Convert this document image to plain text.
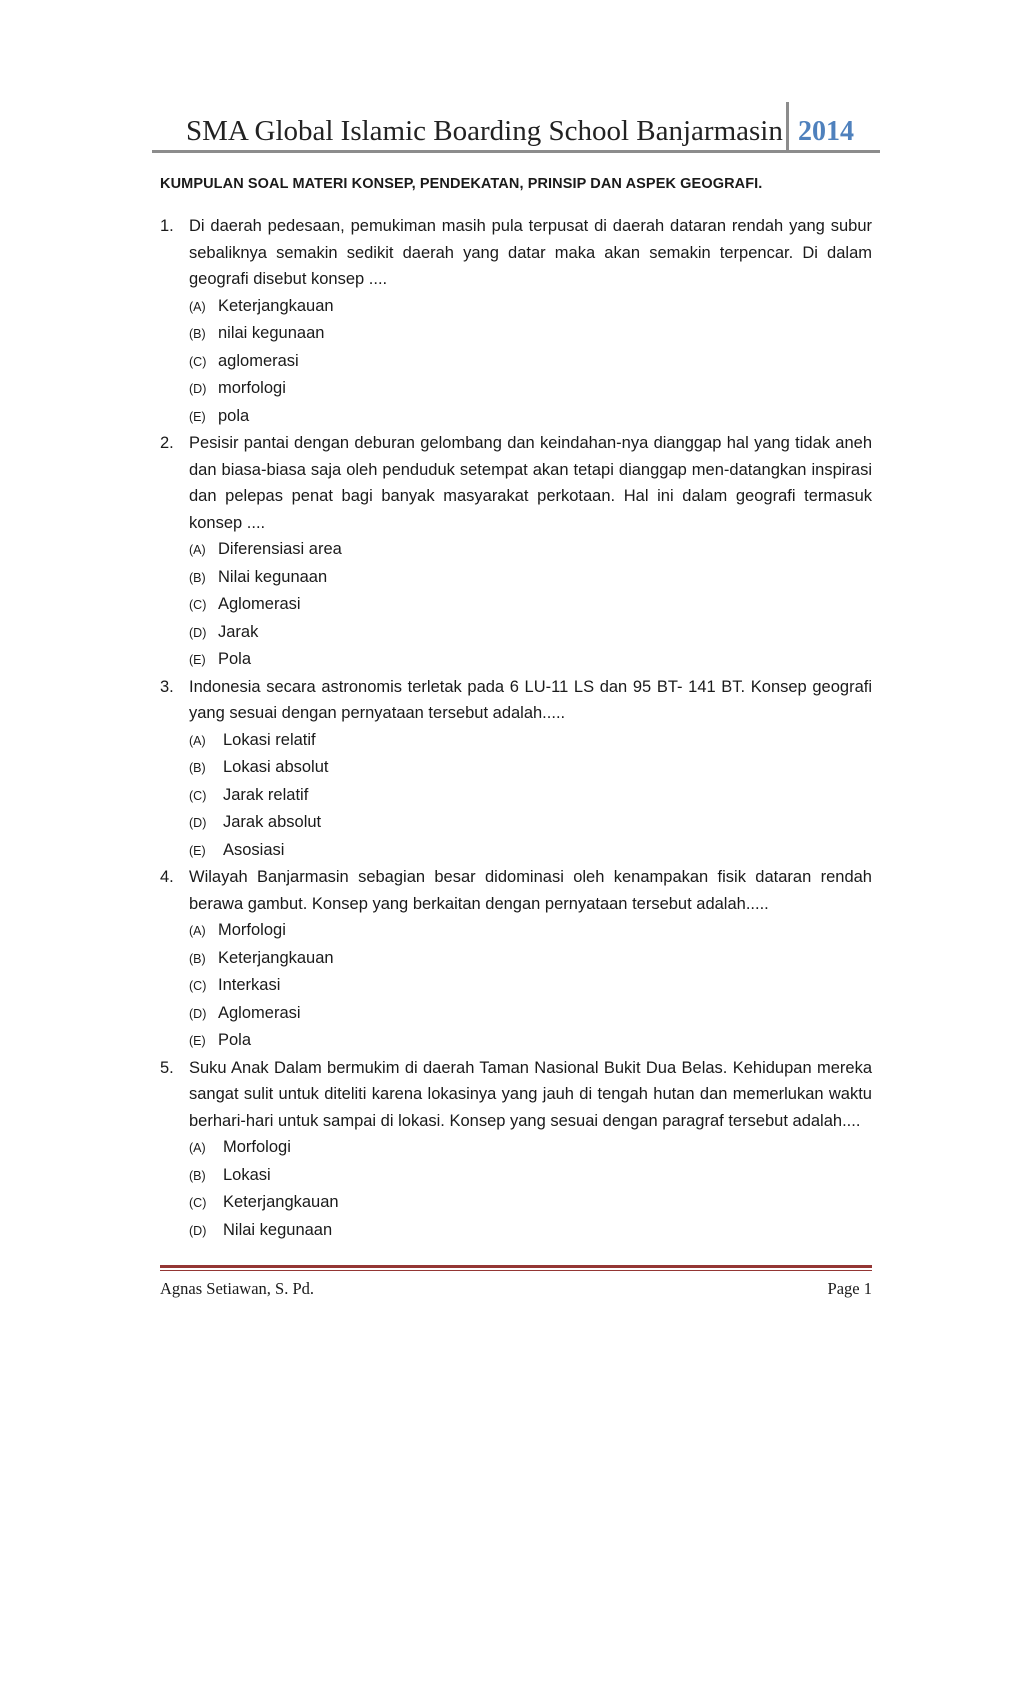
SMA Global Islamic Boarding School Banjarmasin 2014
KUMPULAN SOAL MATERI KONSEP, PENDEKATAN, PRINSIP DAN ASPEK GEOGRAFI.
1. Di daerah pedesaan, pemukiman masih pula terpusat di daerah dataran rendah yang subur sebaliknya semakin sedikit daerah yang datar maka akan semakin terpencar. Di dalam geografi disebut konsep ....
(A) Keterjangkauan
(B) nilai kegunaan
(C) aglomerasi
(D) morfologi
(E) pola
2. Pesisir pantai dengan deburan gelombang dan keindahan-nya dianggap hal yang tidak aneh dan biasa-biasa saja oleh penduduk setempat akan tetapi dianggap men-datangkan inspirasi dan pelepas penat bagi banyak masyarakat perkotaan. Hal ini dalam geografi termasuk konsep ....
(A) Diferensiasi area
(B) Nilai kegunaan
(C) Aglomerasi
(D) Jarak
(E) Pola
3. Indonesia secara astronomis terletak pada 6 LU-11 LS dan 95 BT- 141 BT. Konsep geografi yang sesuai dengan pernyataan tersebut adalah.....
(A) Lokasi relatif
(B) Lokasi absolut
(C) Jarak relatif
(D) Jarak absolut
(E) Asosiasi
4. Wilayah Banjarmasin sebagian besar didominasi oleh kenampakan fisik dataran rendah berawa gambut. Konsep yang berkaitan dengan pernyataan tersebut adalah.....
(A) Morfologi
(B) Keterjangkauan
(C) Interkasi
(D) Aglomerasi
(E) Pola
5. Suku Anak Dalam bermukim di daerah Taman Nasional Bukit Dua Belas. Kehidupan mereka sangat sulit untuk diteliti karena lokasinya yang jauh di tengah hutan dan memerlukan waktu berhari-hari untuk sampai di lokasi. Konsep yang sesuai dengan paragraf tersebut adalah....
(A) Morfologi
(B) Lokasi
(C) Keterjangkauan
(D) Nilai kegunaan
Agnas Setiawan, S. Pd.	Page 1
